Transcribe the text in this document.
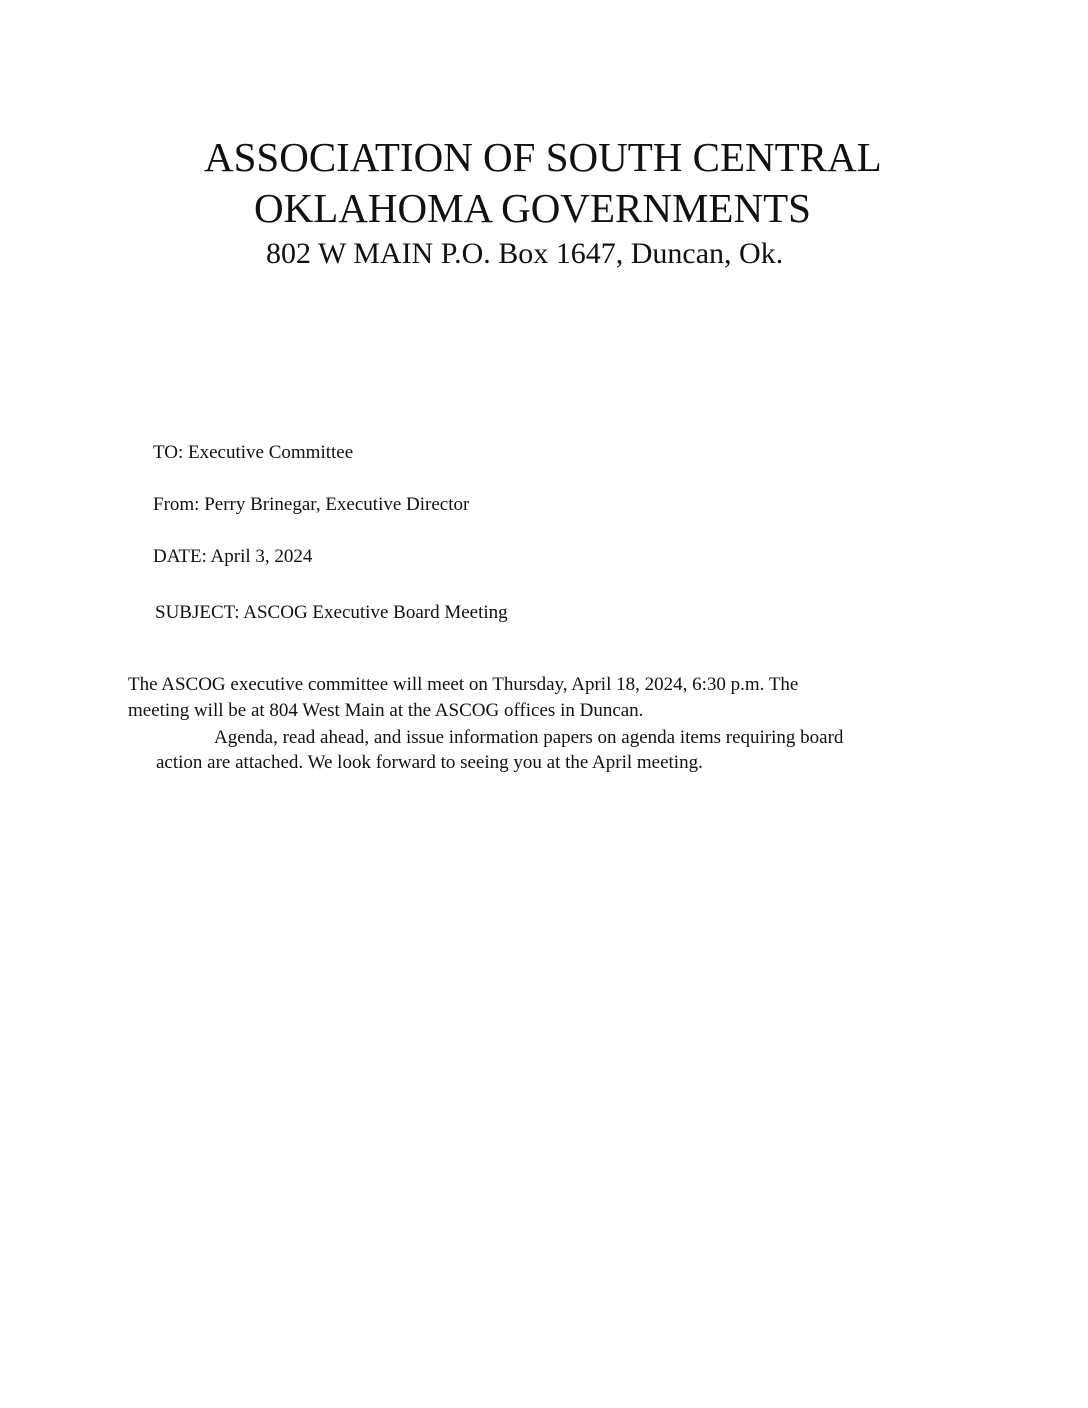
ASSOCIATION OF SOUTH CENTRAL
OKLAHOMA GOVERNMENTS
802 W MAIN P.O. Box 1647, Duncan, Ok.
TO: Executive Committee
From: Perry Brinegar, Executive Director
DATE: April 3, 2024
SUBJECT: ASCOG Executive Board Meeting
The ASCOG executive committee will meet on Thursday, April 18, 2024, 6:30 p.m. The
meeting will be at 804 West Main at the ASCOG offices in Duncan.
Agenda, read ahead, and issue information papers on agenda items requiring board
action are attached. We look forward to seeing you at the April meeting.
